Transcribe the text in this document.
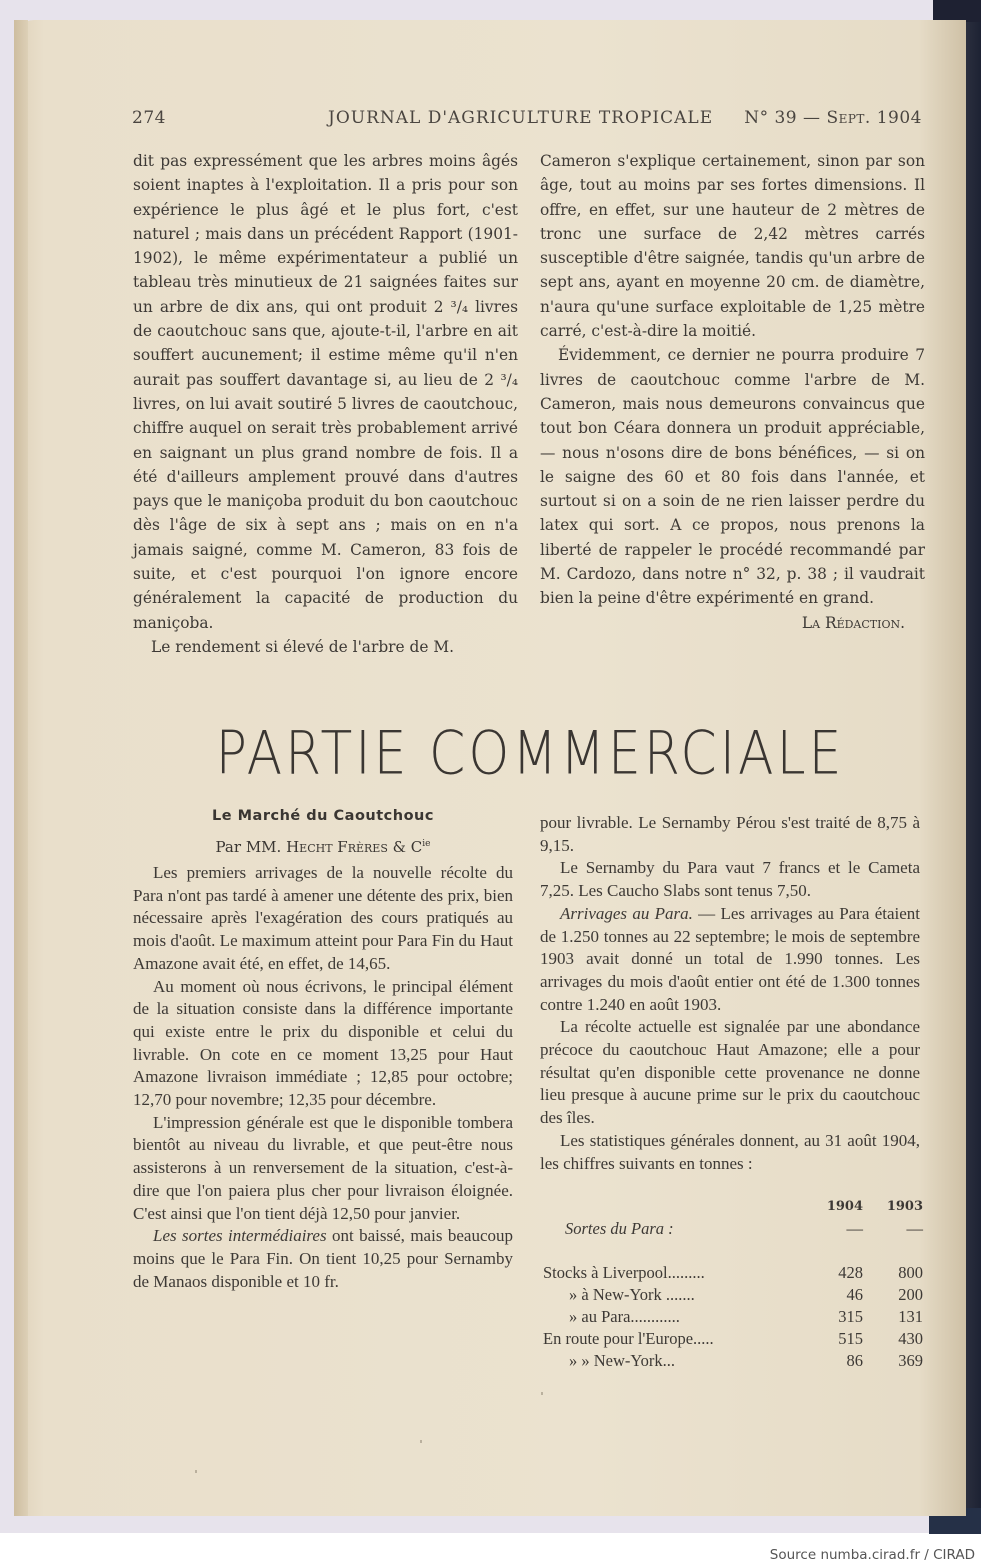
274	JOURNAL D'AGRICULTURE TROPICALE N° 39 — Sept. 1904

dit pas expressément que les arbres moins âgés soient inaptes à l'exploitation. Il a pris pour son expérience le plus âgé et le plus fort, c'est naturel ; mais dans un précédent Rapport (1901-1902), le même expérimentateur a publié un tableau très minutieux de 21 saignées faites sur un arbre de dix ans, qui ont produit 2 ³/₄ livres de caoutchouc sans que, ajoute-t-il, l'arbre en ait souffert aucunement; il estime même qu'il n'en aurait pas souffert davantage si, au lieu de 2 ³/₄ livres, on lui avait soutiré 5 livres de caoutchouc, chiffre auquel on serait très probablement arrivé en saignant un plus grand nombre de fois. Il a été d'ailleurs amplement prouvé dans d'autres pays que le maniçoba produit du bon caoutchouc dès l'âge de six à sept ans ; mais on en n'a jamais saigné, comme M. Cameron, 83 fois de suite, et c'est pourquoi l'on ignore encore généralement la capacité de production du maniçoba.

Le rendement si élevé de l'arbre de M.

Cameron s'explique certainement, sinon par son âge, tout au moins par ses fortes dimensions. Il offre, en effet, sur une hauteur de 2 mètres de tronc une surface de 2,42 mètres carrés susceptible d'être saignée, tandis qu'un arbre de sept ans, ayant en moyenne 20 cm. de diamètre, n'aura qu'une surface exploitable de 1,25 mètre carré, c'est-à-dire la moitié.

Évidemment, ce dernier ne pourra produire 7 livres de caoutchouc comme l'arbre de M. Cameron, mais nous demeurons convaincus que tout bon Céara donnera un produit appréciable, — nous n'osons dire de bons bénéfices, — si on le saigne des 60 et 80 fois dans l'année, et surtout si on a soin de ne rien laisser perdre du latex qui sort. A ce propos, nous prenons la liberté de rappeler le procédé recommandé par M. Cardozo, dans notre n° 32, p. 38 ; il vaudrait bien la peine d'être expérimenté en grand.

La Rédaction.

PARTIE COMMERCIALE

Le Marché du Caoutchouc

Par MM. Hecht Frères & $C^{ie}$

Les premiers arrivages de la nouvelle récolte du Para n'ont pas tardé à amener une détente des prix, bien nécessaire après l'exagération des cours pratiqués au mois d'août. Le maximum atteint pour Para Fin du Haut Amazone avait été, en effet, de 14,65.

Au moment où nous écrivons, le principal élément de la situation consiste dans la différence importante qui existe entre le prix du disponible et celui du livrable. On cote en ce moment 13,25 pour Haut Amazone livraison immédiate ; 12,85 pour octobre; 12,70 pour novembre; 12,35 pour décembre.

L'impression générale est que le disponible tombera bientôt au niveau du livrable, et que peut-être nous assisterons à un renversement de la situation, c'est-à-dire que l'on paiera plus cher pour livraison éloignée. C'est ainsi que l'on tient déjà 12,50 pour janvier.

Les sortes intermédiaires ont baissé, mais beaucoup moins que le Para Fin. On tient 10,25 pour Sernamby de Manaos disponible et 10 fr.

pour livrable. Le Sernamby Pérou s'est traité de 8,75 à 9,15.

Le Sernamby du Para vaut 7 francs et le Cameta 7,25. Les Caucho Slabs sont tenus 7,50.

Arrivages au Para. — Les arrivages au Para étaient de 1.250 tonnes au 22 septembre; le mois de septembre 1903 avait donné un total de 1.990 tonnes. Les arrivages du mois d'août entier ont été de 1.300 tonnes contre 1.240 en août 1903.

La récolte actuelle est signalée par une abondance précoce du caoutchouc Haut Amazone; elle a pour résultat qu'en disponible cette provenance ne donne lieu presque à aucune prime sur le prix du caoutchouc des îles.

Les statistiques générales donnent, au 31 août 1904, les chiffres suivants en tonnes :

	1904	1903
Sortes du Para :	—	—

Stocks à Liverpool.........	428	800
» à New-York .......	46	200
» au Para............	315	131
En route pour l'Europe.....	515	430
» » New-York...	86	369
Source numba.cirad.fr / CIRAD
